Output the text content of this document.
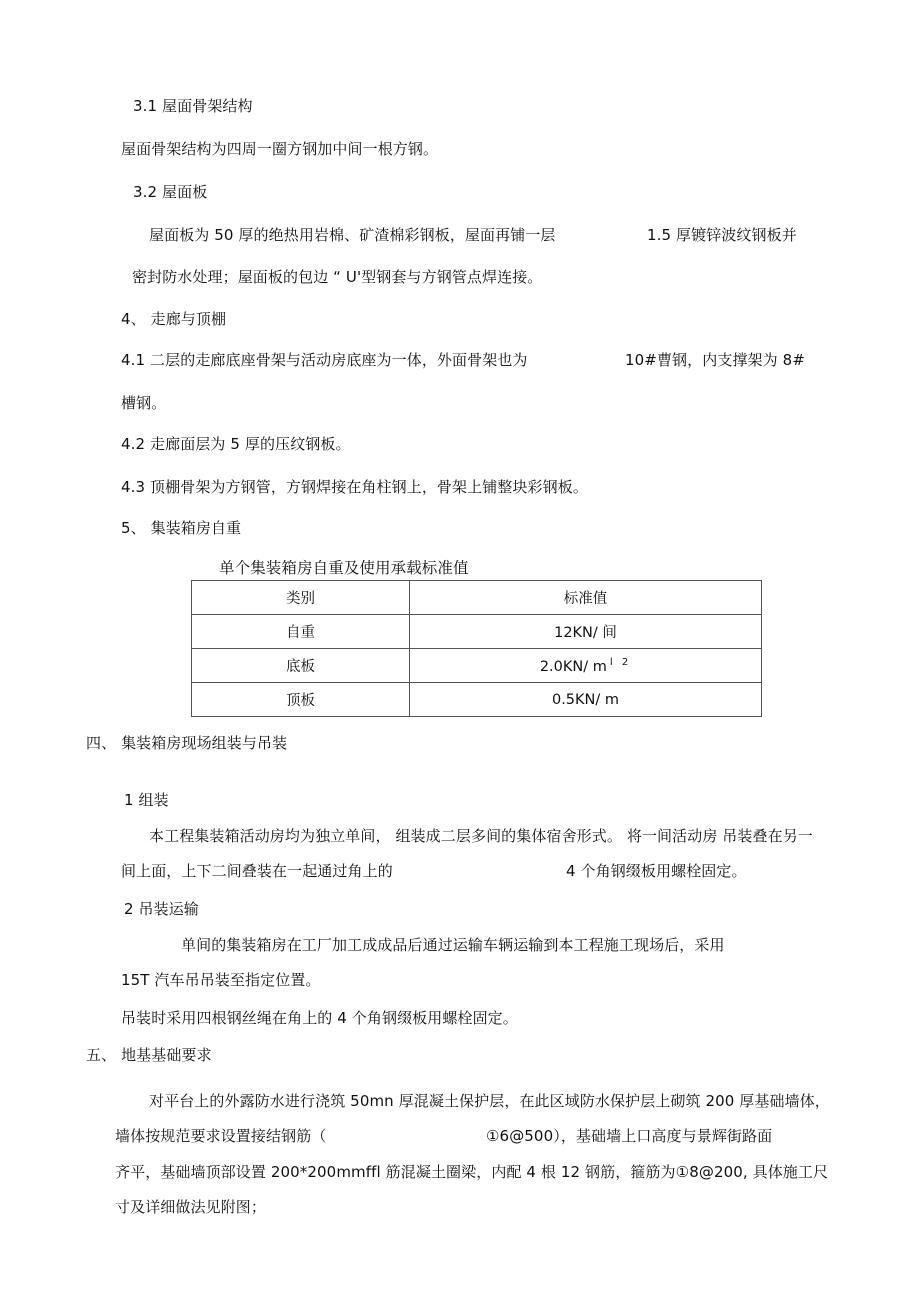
3.1 屋面骨架结构
屋面骨架结构为四周一圈方钢加中间一根方钢。
3.2 屋面板
屋面板为 50 厚的绝热用岩棉、矿渣棉彩钢板，屋面再铺一层	1.5 厚镀锌波纹钢板并
密封防水处理；屋面板的包边 “ U'型钢套与方钢管点焊连接。
4、 走廊与顶棚
4.1 二层的走廊底座骨架与活动房底座为一体，外面骨架也为	10#曹钢，内支撑架为 8#
槽钢。
4.2 走廊面层为 5 厚的压纹钢板。
4.3 顶棚骨架为方钢管，方钢焊接在角柱钢上，骨架上铺整块彩钢板。
5、 集装箱房自重
单个集装箱房自重及使用承载标准值
类别	标准值
自重	12KN/ 间
底板	2.0KN/ m $^{l 2}$
顶板	0.5KN/ m
四、 集装箱房现场组装与吊装
1 组装
本工程集装箱活动房均为独立单间， 组装成二层多间的集体宿舍形式。 将一间活动房 吊装叠在另一
间上面，上下二间叠装在一起通过角上的	4 个角钢缀板用螺栓固定。
2 吊装运输
单间的集装箱房在工厂加工成成品后通过运输车辆运输到本工程施工现场后，采用
15T 汽车吊吊装至指定位置。
吊装时采用四根钢丝绳在角上的 4 个角钢缀板用螺栓固定。
五、 地基基础要求
对平台上的外露防水进行浇筑 50mn 厚混凝土保护层，在此区域防水保护层上砌筑 200 厚基础墙体，
墙体按规范要求设置接结钢筋（	①6@500），基础墙上口高度与景辉街路面
齐平，基础墙顶部设置 200*200mmffl 筋混凝土圈梁，内配 4 根 12 钢筋，箍筋为①8@200, 具体施工尺
寸及详细做法见附图；
